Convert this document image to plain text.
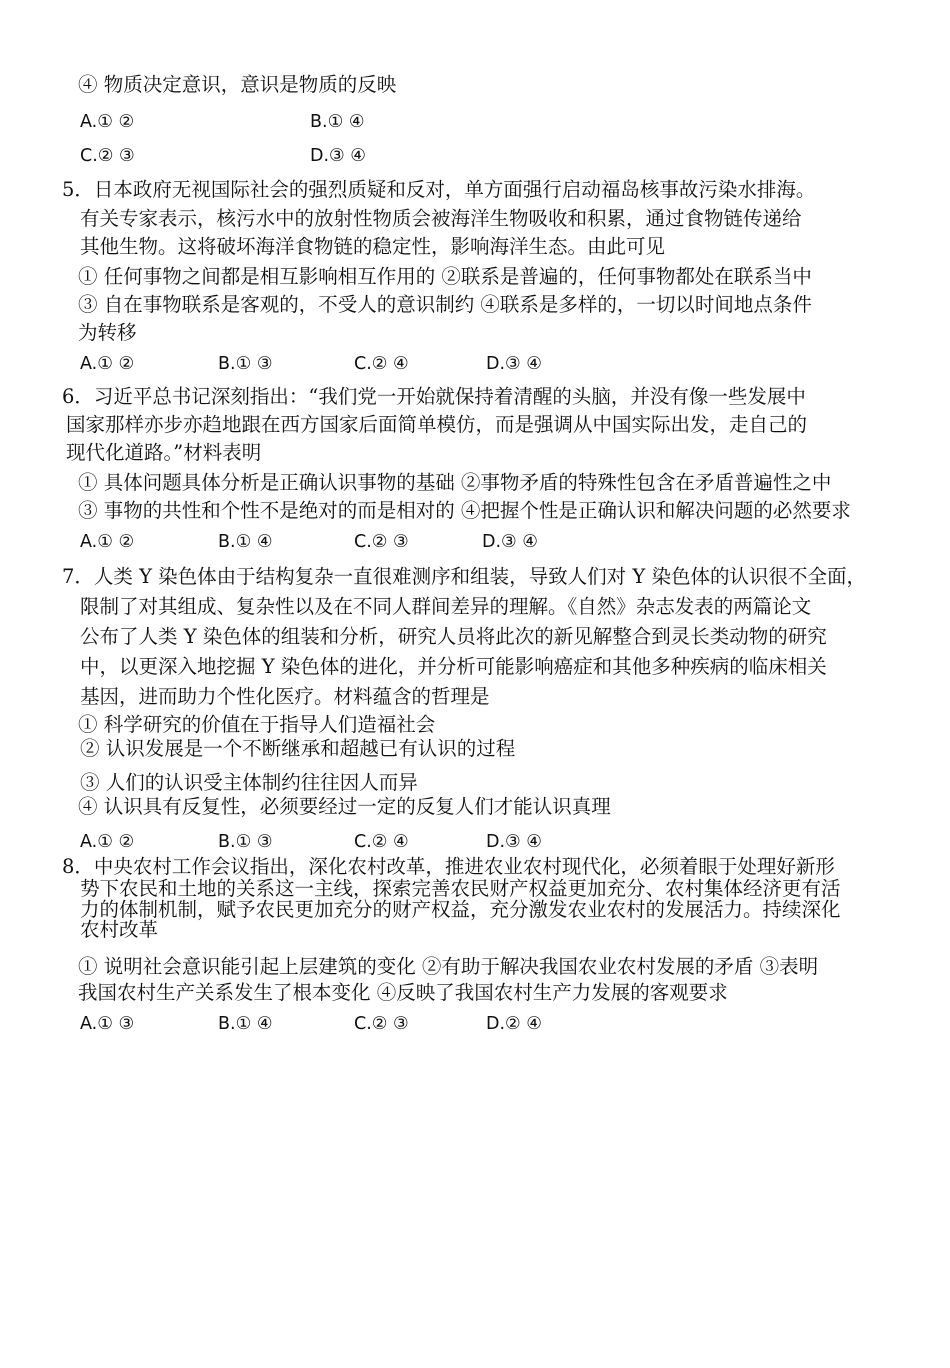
④ 物质决定意识，意识是物质的反映
A.① ②	B.① ④
C.② ③	D.③ ④
5．日本政府无视国际社会的强烈质疑和反对，单方面强行启动福岛核事故污染水排海。
有关专家表示，核污水中的放射性物质会被海洋生物吸收和积累，通过食物链传递给
其他生物。这将破坏海洋食物链的稳定性，影响海洋生态。由此可见
① 任何事物之间都是相互影响相互作用的 ②联系是普遍的，任何事物都处在联系当中
③ 自在事物联系是客观的，不受人的意识制约 ④联系是多样的，一切以时间地点条件
为转移
A.① ②	B.① ③	C.② ④	D.③ ④
6．习近平总书记深刻指出：“我们党一开始就保持着清醒的头脑，并没有像一些发展中
国家那样亦步亦趋地跟在西方国家后面简单模仿，而是强调从中国实际出发，走自己的
现代化道路。”材料表明
① 具体问题具体分析是正确认识事物的基础 ②事物矛盾的特殊性包含在矛盾普遍性之中
③ 事物的共性和个性不是绝对的而是相对的 ④把握个性是正确认识和解决问题的必然要求
A.① ②	B.① ④	C.② ③	D.③ ④
7．人类 Y 染色体由于结构复杂一直很难测序和组装，导致人们对 Y 染色体的认识很不全面，
限制了对其组成、复杂性以及在不同人群间差异的理解。《自然》杂志发表的两篇论文
公布了人类 Y 染色体的组装和分析，研究人员将此次的新见解整合到灵长类动物的研究
中，以更深入地挖掘 Y 染色体的进化，并分析可能影响癌症和其他多种疾病的临床相关
基因，进而助力个性化医疗。材料蕴含的哲理是
① 科学研究的价值在于指导人们造福社会
② 认识发展是一个不断继承和超越已有认识的过程
③ 人们的认识受主体制约往往因人而异
④ 认识具有反复性，必须要经过一定的反复人们才能认识真理
A.① ②	B.① ③	C.② ④	D.③ ④
8．中央农村工作会议指出，深化农村改革，推进农业农村现代化，必须着眼于处理好新形
势下农民和土地的关系这一主线，探索完善农民财产权益更加充分、农村集体经济更有活
力的体制机制，赋予农民更加充分的财产权益，充分激发农业农村的发展活力。持续深化
农村改革
① 说明社会意识能引起上层建筑的变化 ②有助于解决我国农业农村发展的矛盾 ③表明
我国农村生产关系发生了根本变化 ④反映了我国农村生产力发展的客观要求
A.① ③	B.① ④	C.② ③	D.② ④
